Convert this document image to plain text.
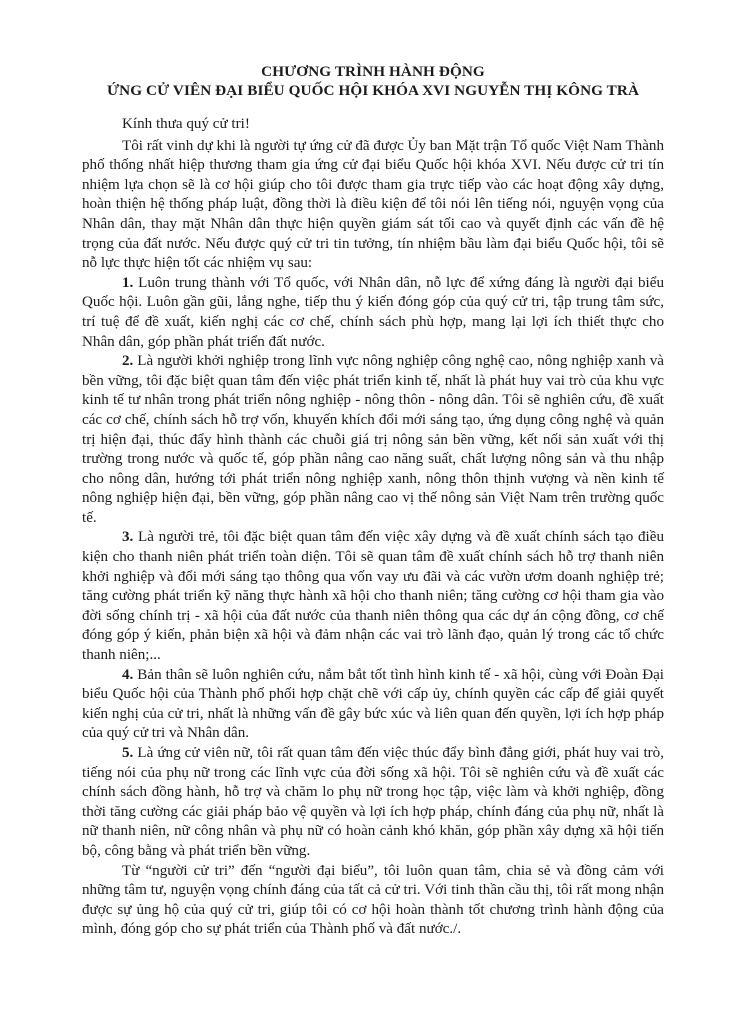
CHƯƠNG TRÌNH HÀNH ĐỘNG
ỨNG CỬ VIÊN ĐẠI BIỂU QUỐC HỘI KHÓA XVI NGUYỄN THỊ KÔNG TRÀ

Kính thưa quý cử tri!

Tôi rất vinh dự khi là người tự ứng cử đã được Ủy ban Mặt trận Tổ quốc Việt Nam Thành phố thống nhất hiệp thương tham gia ứng cử đại biểu Quốc hội khóa XVI. Nếu được cử tri tín nhiệm lựa chọn sẽ là cơ hội giúp cho tôi được tham gia trực tiếp vào các hoạt động xây dựng, hoàn thiện hệ thống pháp luật, đồng thời là điều kiện để tôi nói lên tiếng nói, nguyện vọng của Nhân dân, thay mặt Nhân dân thực hiện quyền giám sát tối cao và quyết định các vấn đề hệ trọng của đất nước. Nếu được quý cử tri tin tưởng, tín nhiệm bầu làm đại biểu Quốc hội, tôi sẽ nỗ lực thực hiện tốt các nhiệm vụ sau:

1. Luôn trung thành với Tổ quốc, với Nhân dân, nỗ lực để xứng đáng là người đại biểu Quốc hội. Luôn gần gũi, lắng nghe, tiếp thu ý kiến đóng góp của quý cử tri, tập trung tâm sức, trí tuệ để đề xuất, kiến nghị các cơ chế, chính sách phù hợp, mang lại lợi ích thiết thực cho Nhân dân, góp phần phát triển đất nước.

2. Là người khởi nghiệp trong lĩnh vực nông nghiệp công nghệ cao, nông nghiệp xanh và bền vững, tôi đặc biệt quan tâm đến việc phát triển kinh tế, nhất là phát huy vai trò của khu vực kinh tế tư nhân trong phát triển nông nghiệp - nông thôn - nông dân. Tôi sẽ nghiên cứu, đề xuất các cơ chế, chính sách hỗ trợ vốn, khuyến khích đổi mới sáng tạo, ứng dụng công nghệ và quản trị hiện đại, thúc đẩy hình thành các chuỗi giá trị nông sản bền vững, kết nối sản xuất với thị trường trong nước và quốc tế, góp phần nâng cao năng suất, chất lượng nông sản và thu nhập cho nông dân, hướng tới phát triển nông nghiệp xanh, nông thôn thịnh vượng và nền kinh tế nông nghiệp hiện đại, bền vững, góp phần nâng cao vị thế nông sản Việt Nam trên trường quốc tế.

3. Là người trẻ, tôi đặc biệt quan tâm đến việc xây dựng và đề xuất chính sách tạo điều kiện cho thanh niên phát triển toàn diện. Tôi sẽ quan tâm đề xuất chính sách hỗ trợ thanh niên khởi nghiệp và đổi mới sáng tạo thông qua vốn vay ưu đãi và các vườn ươm doanh nghiệp trẻ; tăng cường phát triển kỹ năng thực hành xã hội cho thanh niên; tăng cường cơ hội tham gia vào đời sống chính trị - xã hội của đất nước của thanh niên thông qua các dự án cộng đồng, cơ chế đóng góp ý kiến, phản biện xã hội và đảm nhận các vai trò lãnh đạo, quản lý trong các tổ chức thanh niên;...

4. Bản thân sẽ luôn nghiên cứu, nắm bắt tốt tình hình kinh tế - xã hội, cùng với Đoàn Đại biểu Quốc hội của Thành phố phối hợp chặt chẽ với cấp ủy, chính quyền các cấp để giải quyết kiến nghị của cử tri, nhất là những vấn đề gây bức xúc và liên quan đến quyền, lợi ích hợp pháp của quý cử tri và Nhân dân.

5. Là ứng cử viên nữ, tôi rất quan tâm đến việc thúc đẩy bình đẳng giới, phát huy vai trò, tiếng nói của phụ nữ trong các lĩnh vực của đời sống xã hội. Tôi sẽ nghiên cứu và đề xuất các chính sách đồng hành, hỗ trợ và chăm lo phụ nữ trong học tập, việc làm và khởi nghiệp, đồng thời tăng cường các giải pháp bảo vệ quyền và lợi ích hợp pháp, chính đáng của phụ nữ, nhất là nữ thanh niên, nữ công nhân và phụ nữ có hoàn cảnh khó khăn, góp phần xây dựng xã hội tiến bộ, công bằng và phát triển bền vững.

Từ “người cử tri” đến “người đại biểu”, tôi luôn quan tâm, chia sẻ và đồng cảm với những tâm tư, nguyện vọng chính đáng của tất cả cử tri. Với tinh thần cầu thị, tôi rất mong nhận được sự ủng hộ của quý cử tri, giúp tôi có cơ hội hoàn thành tốt chương trình hành động của mình, đóng góp cho sự phát triển của Thành phố và đất nước./.
